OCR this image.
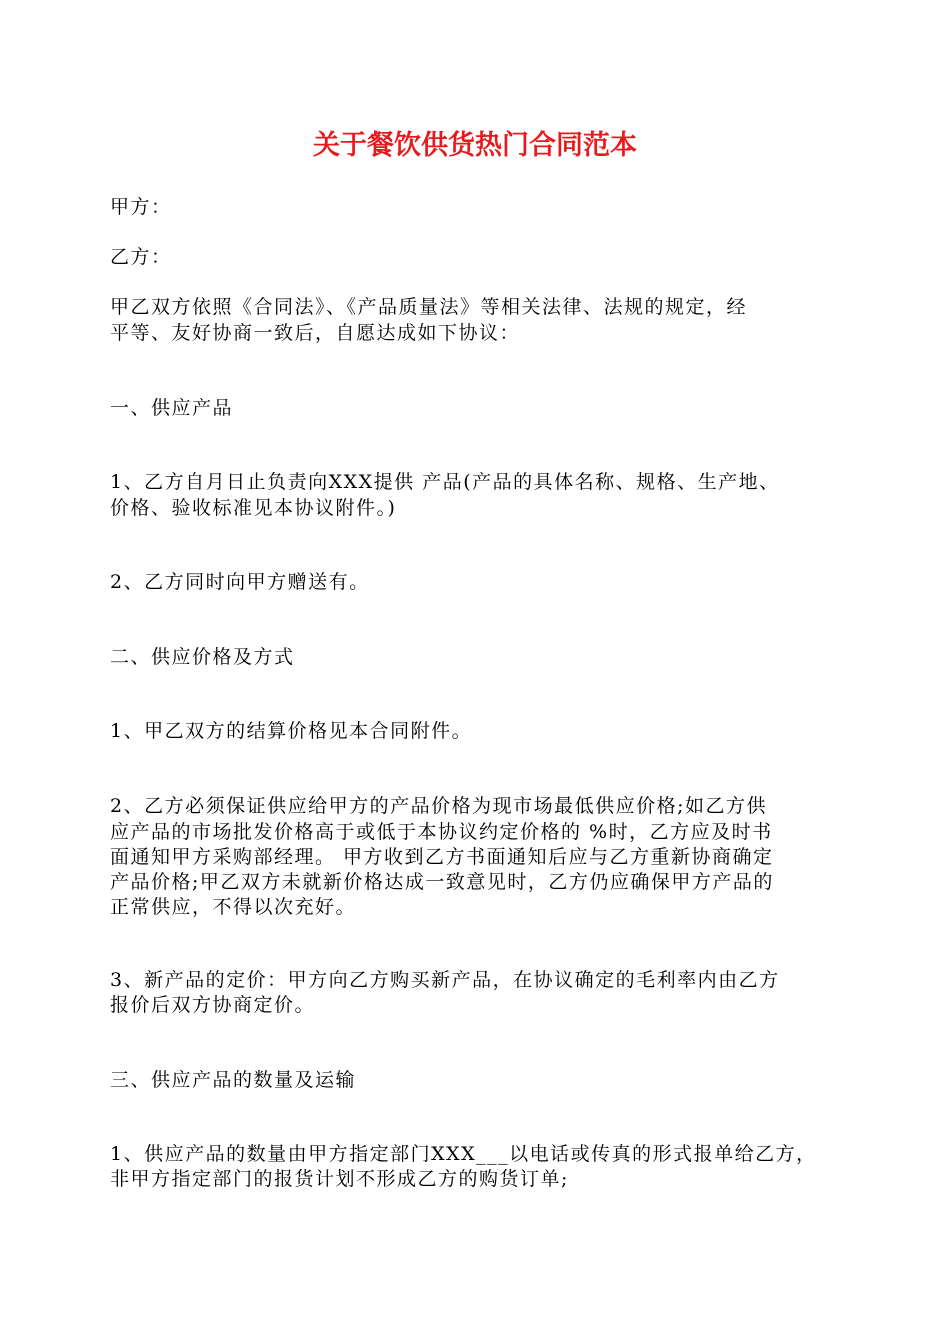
关于餐饮供货热门合同范本

甲方：

乙方：

甲乙双方依照《合同法》、《产品质量法》等相关法律、法规的规定，经

平等、友好协商一致后，自愿达成如下协议：

一、供应产品

1、乙方自月日止负责向XXX提供 产品(产品的具体名称、规格、生产地、

价格、验收标准见本协议附件。)

2、乙方同时向甲方赠送有。

二、供应价格及方式

1、甲乙双方的结算价格见本合同附件。

2、乙方必须保证供应给甲方的产品价格为现市场最低供应价格;如乙方供

应产品的市场批发价格高于或低于本协议约定价格的 %时，乙方应及时书

面通知甲方采购部经理。 甲方收到乙方书面通知后应与乙方重新协商确定

产品价格;甲乙双方未就新价格达成一致意见时，乙方仍应确保甲方产品的

正常供应，不得以次充好。

3、新产品的定价：甲方向乙方购买新产品，在协议确定的毛利率内由乙方

报价后双方协商定价。

三、供应产品的数量及运输

1、供应产品的数量由甲方指定部门XXX___以电话或传真的形式报单给乙方，

非甲方指定部门的报货计划不形成乙方的购货订单;
